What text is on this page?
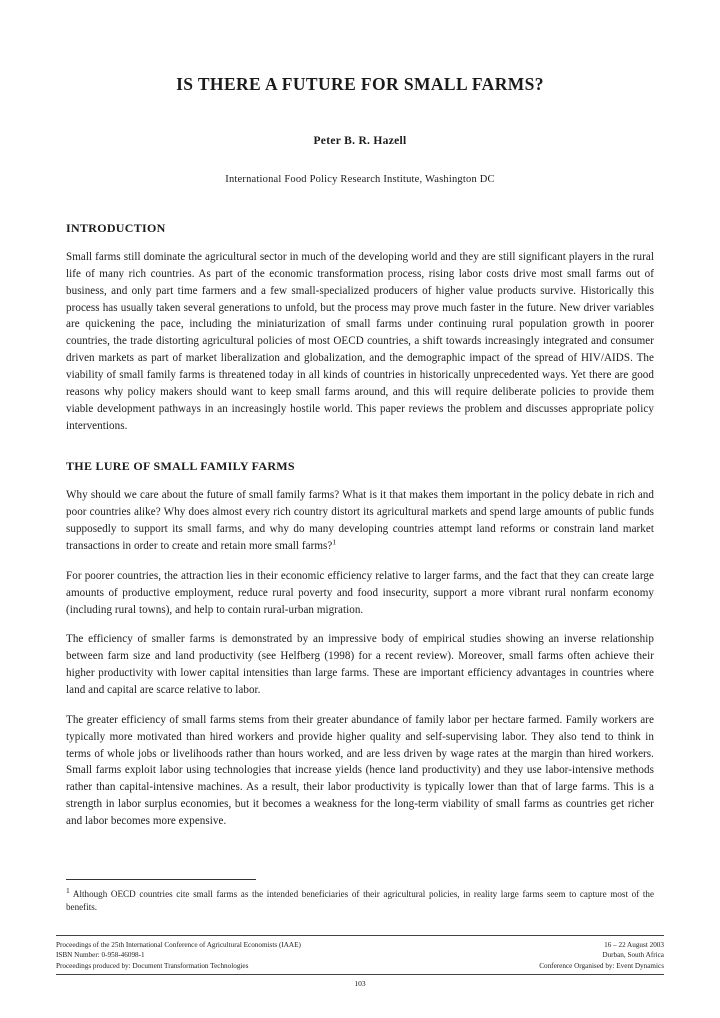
IS THERE A FUTURE FOR SMALL FARMS?
Peter B. R. Hazell
International Food Policy Research Institute, Washington DC
INTRODUCTION

Small farms still dominate the agricultural sector in much of the developing world and they are still significant players in the rural life of many rich countries. As part of the economic transformation process, rising labor costs drive most small farms out of business, and only part time farmers and a few small-specialized producers of higher value products survive. Historically this process has usually taken several generations to unfold, but the process may prove much faster in the future. New driver variables are quickening the pace, including the miniaturization of small farms under continuing rural population growth in poorer countries, the trade distorting agricultural policies of most OECD countries, a shift towards increasingly integrated and consumer driven markets as part of market liberalization and globalization, and the demographic impact of the spread of HIV/AIDS. The viability of small family farms is threatened today in all kinds of countries in historically unprecedented ways. Yet there are good reasons why policy makers should want to keep small farms around, and this will require deliberate policies to provide them viable development pathways in an increasingly hostile world. This paper reviews the problem and discusses appropriate policy interventions.

THE LURE OF SMALL FAMILY FARMS

Why should we care about the future of small family farms? What is it that makes them important in the policy debate in rich and poor countries alike? Why does almost every rich country distort its agricultural markets and spend large amounts of public funds supposedly to support its small farms, and why do many developing countries attempt land reforms or constrain land market transactions in order to create and retain more small farms?$^1$

For poorer countries, the attraction lies in their economic efficiency relative to larger farms, and the fact that they can create large amounts of productive employment, reduce rural poverty and food insecurity, support a more vibrant rural nonfarm economy (including rural towns), and help to contain rural-urban migration.

The efficiency of smaller farms is demonstrated by an impressive body of empirical studies showing an inverse relationship between farm size and land productivity (see Helfberg (1998) for a recent review). Moreover, small farms often achieve their higher productivity with lower capital intensities than large farms. These are important efficiency advantages in countries where land and capital are scarce relative to labor.

The greater efficiency of small farms stems from their greater abundance of family labor per hectare farmed. Family workers are typically more motivated than hired workers and provide higher quality and self-supervising labor. They also tend to think in terms of whole jobs or livelihoods rather than hours worked, and are less driven by wage rates at the margin than hired workers. Small farms exploit labor using technologies that increase yields (hence land productivity) and they use labor-intensive methods rather than capital-intensive machines. As a result, their labor productivity is typically lower than that of large farms. This is a strength in labor surplus economies, but it becomes a weakness for the long-term viability of small farms as countries get richer and labor becomes more expensive.

$^1$ Although OECD countries cite small farms as the intended beneficiaries of their agricultural policies, in reality large farms seem to capture most of the benefits.
Proceedings of the 25th International Conference of Agricultural Economists (IAAE)	16 – 22 August 2003
ISBN Number: 0-958-46098-1	Durban, South Africa
Proceedings produced by: Document Transformation Technologies	Conference Organised by: Event Dynamics
103
